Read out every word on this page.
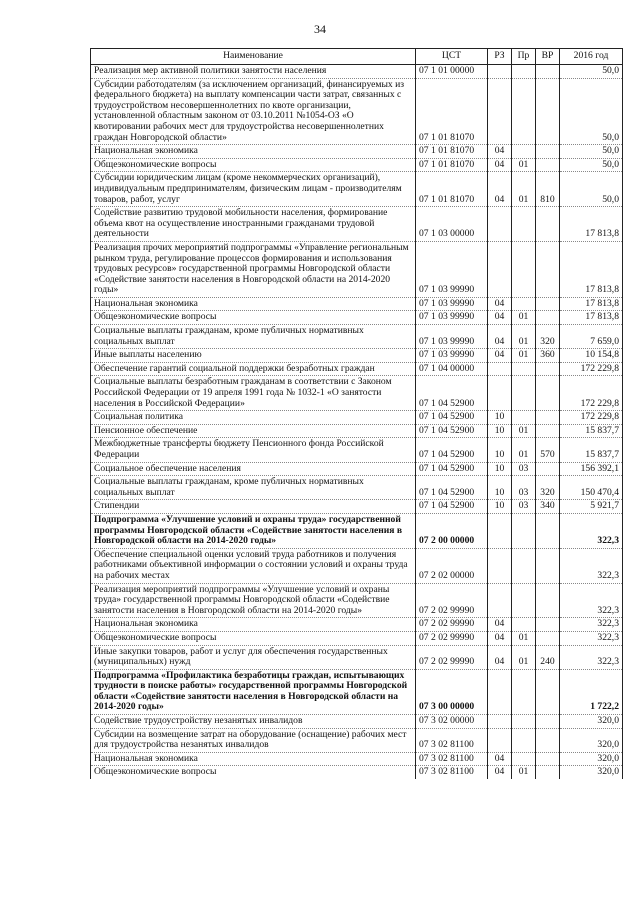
34
Наименование	ЦСТ	РЗ	Пр	ВР	2016 год
Реализация мер активной политики занятости населения	07 1 01 00000				50,0
Субсидии работодателям (за исключением организаций, финансируемых из федерального бюджета) на выплату компенсации части затрат, связанных с трудоустройством несовершеннолетних по квоте организации, установленной областным законом от 03.10.2011 №1054-ОЗ «О квотировании рабочих мест для трудоустройства несовершеннолетних граждан Новгородской области»	07 1 01 81070				50,0
Национальная экономика	07 1 01 81070	04			50,0
Общеэкономические вопросы	07 1 01 81070	04	01		50,0
Субсидии юридическим лицам (кроме некоммерческих организаций), индивидуальным предпринимателям, физическим лицам - производителям товаров, работ, услуг	07 1 01 81070	04	01	810	50,0
Содействие развитию трудовой мобильности населения, формирование объема квот на осуществление иностранными гражданами трудовой деятельности	07 1 03 00000				17 813,8
Реализация прочих мероприятий подпрограммы «Управление региональным рынком труда, регулирование процессов формирования и использования трудовых ресурсов» государственной программы Новгородской области «Содействие занятости населения в Новгородской области на 2014-2020 годы»	07 1 03 99990				17 813,8
Национальная экономика	07 1 03 99990	04			17 813,8
Общеэкономические вопросы	07 1 03 99990	04	01		17 813,8
Социальные выплаты гражданам, кроме публичных нормативных социальных выплат	07 1 03 99990	04	01	320	7 659,0
Иные выплаты населению	07 1 03 99990	04	01	360	10 154,8
Обеспечение гарантий социальной поддержки безработных граждан	07 1 04 00000				172 229,8
Социальные выплаты безработным гражданам в соответствии с Законом Российской Федерации от 19 апреля 1991 года № 1032-1 «О занятости населения в Российской Федерации»	07 1 04 52900				172 229,8
Социальная политика	07 1 04 52900	10			172 229,8
Пенсионное обеспечение	07 1 04 52900	10	01		15 837,7
Межбюджетные трансферты бюджету Пенсионного фонда Российской Федерации	07 1 04 52900	10	01	570	15 837,7
Социальное обеспечение населения	07 1 04 52900	10	03		156 392,1
Социальные выплаты гражданам, кроме публичных нормативных социальных выплат	07 1 04 52900	10	03	320	150 470,4
Стипендии	07 1 04 52900	10	03	340	5 921,7
Подпрограмма «Улучшение условий и охраны труда» государственной программы Новгородской области «Содействие занятости населения в Новгородской области на 2014-2020 годы»	07 2 00 00000				322,3
Обеспечение специальной оценки условий труда работников и получения работниками объективной информации о состоянии условий и охраны труда на рабочих местах	07 2 02 00000				322,3
Реализация мероприятий подпрограммы «Улучшение условий и охраны труда» государственной программы Новгородской области «Содействие занятости населения в Новгородской области на 2014-2020 годы»	07 2 02 99990				322,3
Национальная экономика	07 2 02 99990	04			322,3
Общеэкономические вопросы	07 2 02 99990	04	01		322,3
Иные закупки товаров, работ и услуг для обеспечения государственных (муниципальных) нужд	07 2 02 99990	04	01	240	322,3
Подпрограмма «Профилактика безработицы граждан, испытывающих трудности в поиске работы» государственной программы Новгородской области «Содействие занятости населения в Новгородской области на 2014-2020 годы»	07 3 00 00000				1 722,2
Содействие трудоустройству незанятых инвалидов	07 3 02 00000				320,0
Субсидии на возмещение затрат на оборудование (оснащение) рабочих мест для трудоустройства незанятых инвалидов	07 3 02 81100				320,0
Национальная экономика	07 3 02 81100	04			320,0
Общеэкономические вопросы	07 3 02 81100	04	01		320,0
